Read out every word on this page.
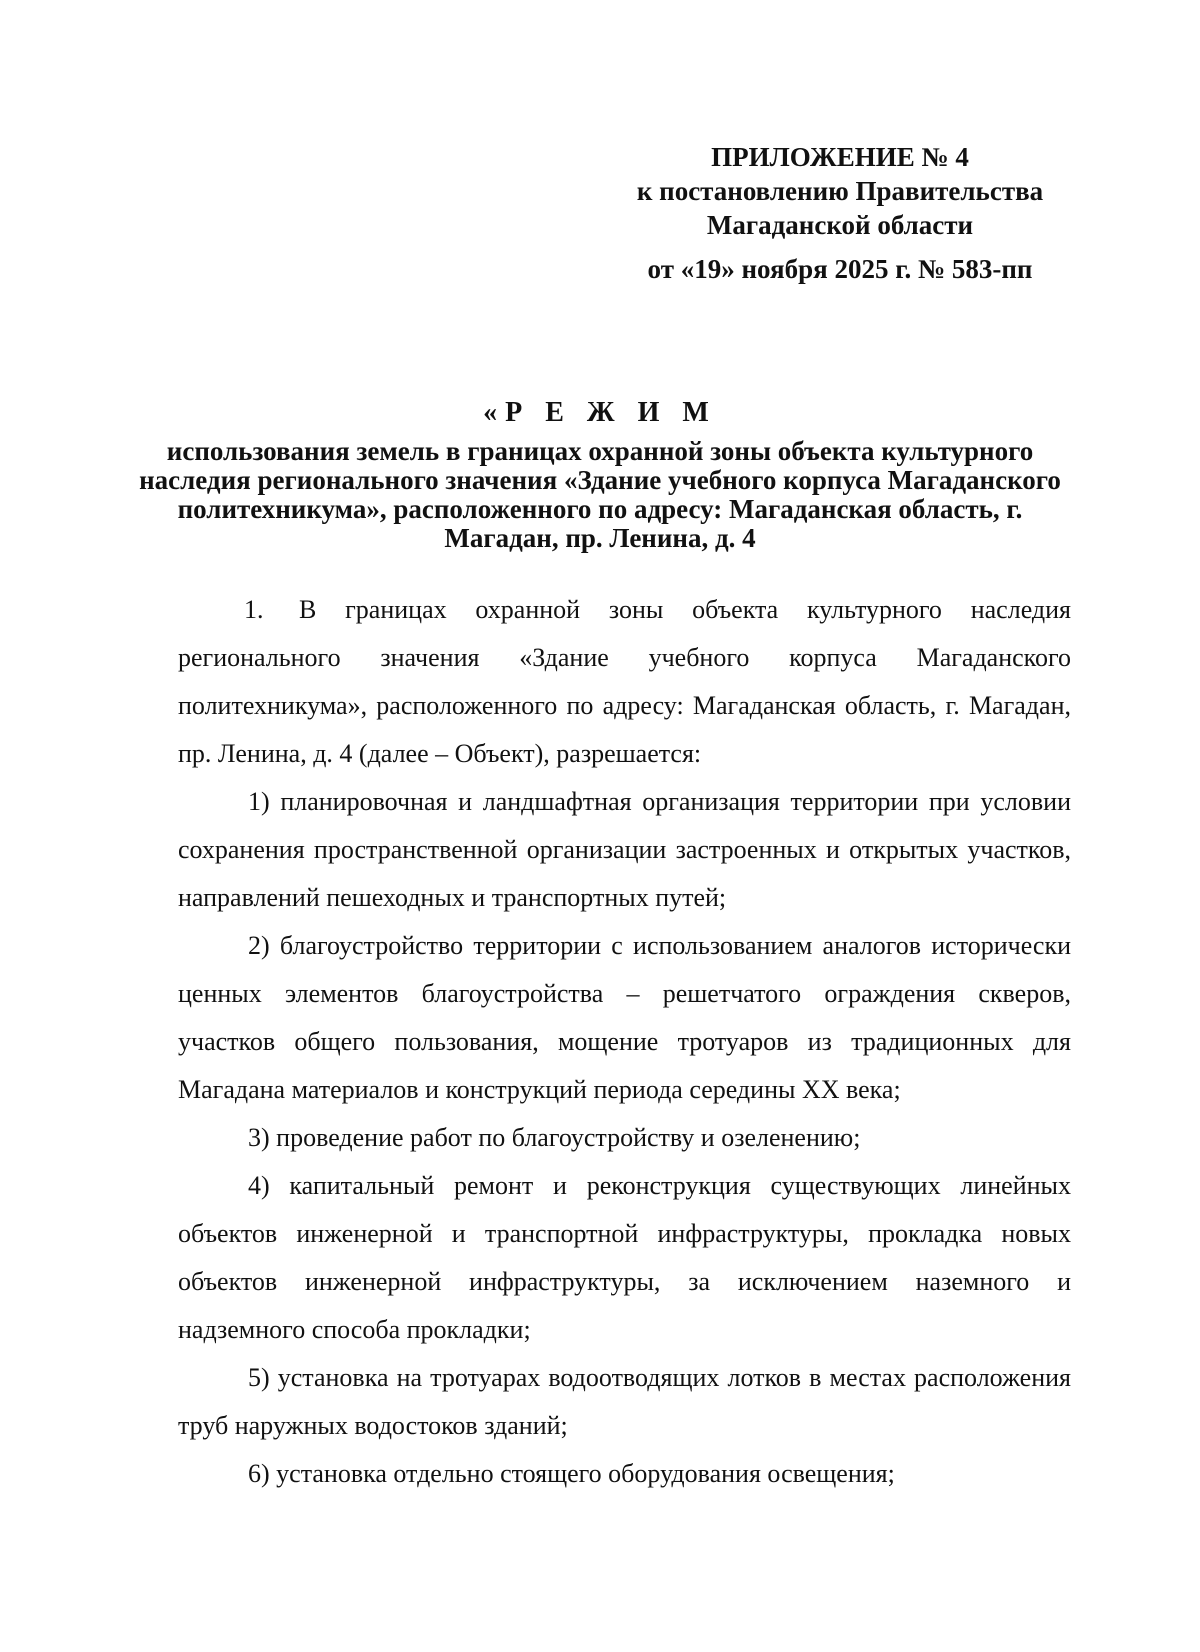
ПРИЛОЖЕНИЕ № 4
к постановлению Правительства
Магаданской области
от «19» ноября 2025 г. № 583-пп
«Р Е Ж И М
использования земель в границах охранной зоны объекта культурного наследия регионального значения «Здание учебного корпуса Магаданского политехникума», расположенного по адресу: Магаданская область, г. Магадан, пр. Ленина, д. 4

1. В границах охранной зоны объекта культурного наследия регионального значения «Здание учебного корпуса Магаданского политехникума», расположенного по адресу: Магаданская область, г. Магадан, пр. Ленина, д. 4 (далее – Объект), разрешается:

1) планировочная и ландшафтная организация территории при условии сохранения пространственной организации застроенных и открытых участков, направлений пешеходных и транспортных путей;

2) благоустройство территории с использованием аналогов исторически ценных элементов благоустройства – решетчатого ограждения скверов, участков общего пользования, мощение тротуаров из традиционных для Магадана материалов и конструкций периода середины XX века;

3) проведение работ по благоустройству и озеленению;

4) капитальный ремонт и реконструкция существующих линейных объектов инженерной и транспортной инфраструктуры, прокладка новых объектов инженерной инфраструктуры, за исключением наземного и надземного способа прокладки;

5) установка на тротуарах водоотводящих лотков в местах расположения труб наружных водостоков зданий;

6) установка отдельно стоящего оборудования освещения;
